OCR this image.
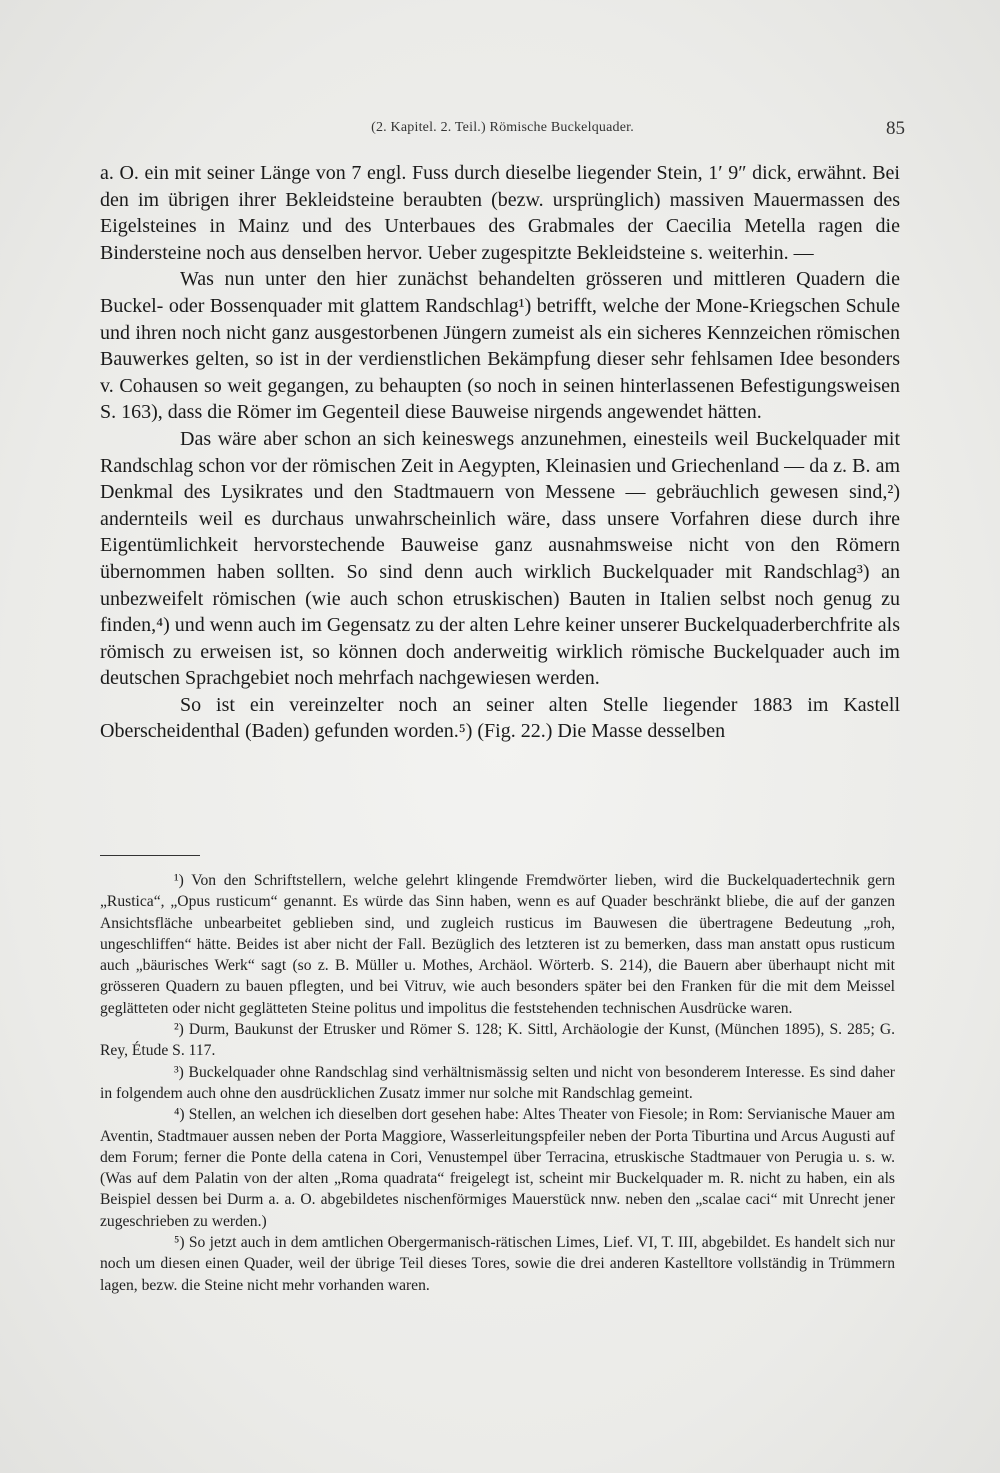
(2. Kapitel. 2. Teil.) Römische Buckelquader.	85

a. O. ein mit seiner Länge von 7 engl. Fuss durch dieselbe liegender Stein, 1′ 9″ dick, erwähnt. Bei den im übrigen ihrer Bekleidsteine beraubten (bezw. ursprünglich) massiven Mauermassen des Eigelsteines in Mainz und des Unterbaues des Grabmales der Caecilia Metella ragen die Bindersteine noch aus denselben hervor. Ueber zugespitzte Bekleidsteine s. weiterhin. —

Was nun unter den hier zunächst behandelten grösseren und mittleren Quadern die Buckel- oder Bossenquader mit glattem Randschlag¹) betrifft, welche der Mone-Kriegschen Schule und ihren noch nicht ganz ausgestorbenen Jüngern zumeist als ein sicheres Kennzeichen römischen Bauwerkes gelten, so ist in der verdienstlichen Bekämpfung dieser sehr fehlsamen Idee besonders v. Cohausen so weit gegangen, zu behaupten (so noch in seinen hinterlassenen Befestigungsweisen S. 163), dass die Römer im Gegenteil diese Bauweise nirgends angewendet hätten.

Das wäre aber schon an sich keineswegs anzunehmen, einesteils weil Buckelquader mit Randschlag schon vor der römischen Zeit in Aegypten, Kleinasien und Griechenland — da z. B. am Denkmal des Lysikrates und den Stadtmauern von Messene — gebräuchlich gewesen sind,²) andernteils weil es durchaus unwahrscheinlich wäre, dass unsere Vorfahren diese durch ihre Eigentümlichkeit hervorstechende Bauweise ganz ausnahmsweise nicht von den Römern übernommen haben sollten. So sind denn auch wirklich Buckelquader mit Randschlag³) an unbezweifelt römischen (wie auch schon etruskischen) Bauten in Italien selbst noch genug zu finden,⁴) und wenn auch im Gegensatz zu der alten Lehre keiner unserer Buckelquaderberchfrite als römisch zu erweisen ist, so können doch anderweitig wirklich römische Buckelquader auch im deutschen Sprachgebiet noch mehrfach nachgewiesen werden.

So ist ein vereinzelter noch an seiner alten Stelle liegender 1883 im Kastell Oberscheidenthal (Baden) gefunden worden.⁵) (Fig. 22.) Die Masse desselben

¹) Von den Schriftstellern, welche gelehrt klingende Fremdwörter lieben, wird die Buckelquadertechnik gern „Rustica“, „Opus rusticum“ genannt. Es würde das Sinn haben, wenn es auf Quader beschränkt bliebe, die auf der ganzen Ansichtsfläche unbearbeitet geblieben sind, und zugleich rusticus im Bauwesen die übertragene Bedeutung „roh, ungeschliffen“ hätte. Beides ist aber nicht der Fall. Bezüglich des letzteren ist zu bemerken, dass man anstatt opus rusticum auch „bäurisches Werk“ sagt (so z. B. Müller u. Mothes, Archäol. Wörterb. S. 214), die Bauern aber überhaupt nicht mit grösseren Quadern zu bauen pflegten, und bei Vitruv, wie auch besonders später bei den Franken für die mit dem Meissel geglätteten oder nicht geglätteten Steine politus und impolitus die feststehenden technischen Ausdrücke waren.

²) Durm, Baukunst der Etrusker und Römer S. 128; K. Sittl, Archäologie der Kunst, (München 1895), S. 285; G. Rey, Étude S. 117.

³) Buckelquader ohne Randschlag sind verhältnismässig selten und nicht von besonderem Interesse. Es sind daher in folgendem auch ohne den ausdrücklichen Zusatz immer nur solche mit Randschlag gemeint.

⁴) Stellen, an welchen ich dieselben dort gesehen habe: Altes Theater von Fiesole; in Rom: Servianische Mauer am Aventin, Stadtmauer aussen neben der Porta Maggiore, Wasserleitungspfeiler neben der Porta Tiburtina und Arcus Augusti auf dem Forum; ferner die Ponte della catena in Cori, Venustempel über Terracina, etruskische Stadtmauer von Perugia u. s. w. (Was auf dem Palatin von der alten „Roma quadrata“ freigelegt ist, scheint mir Buckelquader m. R. nicht zu haben, ein als Beispiel dessen bei Durm a. a. O. abgebildetes nischenförmiges Mauerstück nnw. neben den „scalae caci“ mit Unrecht jener zugeschrieben zu werden.)

⁵) So jetzt auch in dem amtlichen Obergermanisch-rätischen Limes, Lief. VI, T. III, abgebildet. Es handelt sich nur noch um diesen einen Quader, weil der übrige Teil dieses Tores, sowie die drei anderen Kastelltore vollständig in Trümmern lagen, bezw. die Steine nicht mehr vorhanden waren.
